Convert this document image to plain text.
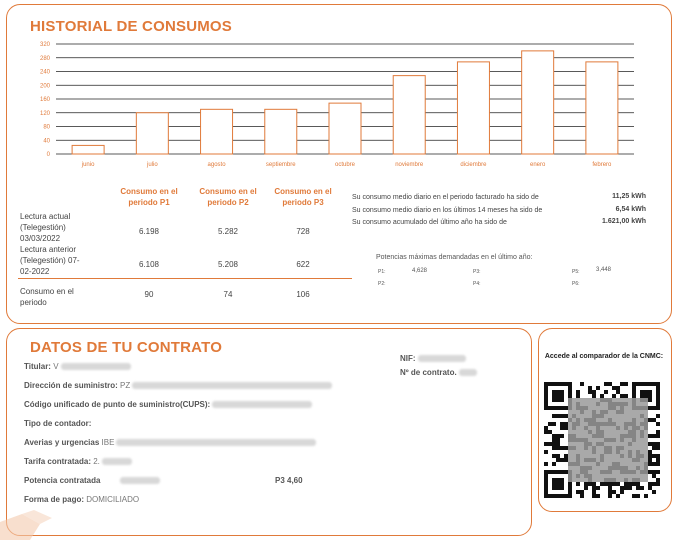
HISTORIAL DE CONSUMOS
0
40
80
120
160
200
240
280
320
junio	julio	agosto	septiembre	octubre	noviembre	diciembre	enero	febrero
Consumo en el periodo P1
Consumo en el periodo P2
Consumo en el periodo P3
Lectura actual (Telegestión) 03/03/2022
6.198	5.282	728
Lectura anterior (Telegestión) 07-02-2022
6.108	5.208	622
Consumo en el periodo
90	74	106
Su consumo medio diario en el periodo facturado ha sido de	11,25 kWh
Su consumo medio diario en los últimos 14 meses ha sido de	6,54 kWh
Su consumo acumulado del último año ha sido de	1.621,00 kWh
Potencias máximas demandadas en el último año:
P1:	4,628
P2:
P3:
P4:
P5:	3,448
P6:
DATOS DE TU CONTRATO
Titular: V
Dirección de suministro: PZ
Código unificado de punto de suministro(CUPS):
Tipo de contador:
Averias y urgencias IBE
Tarifa contratada: 2.
Potencia contratada	P3 4,60
Forma de pago: DOMICILIADO
NIF:
Nº de contrato.
Accede al comparador de la CNMC:
